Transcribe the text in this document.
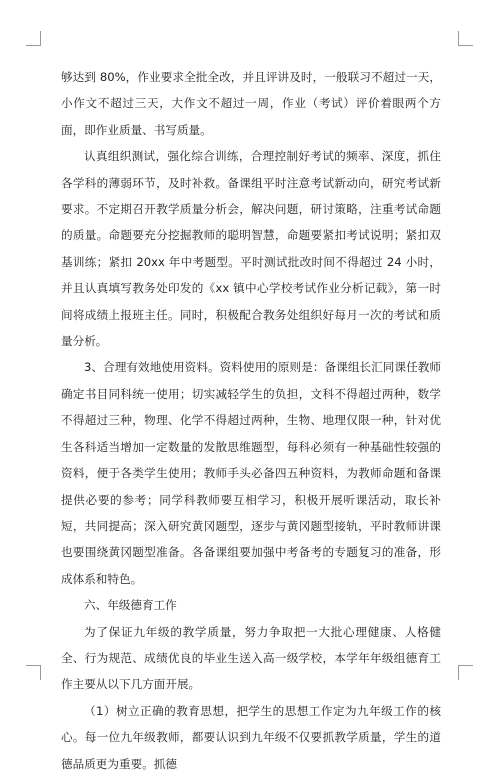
够达到 80%，作业要求全批全改，并且评讲及时，一般联习不超过一天，小作文不超过三天，大作文不超过一周，作业（考试）评价着眼两个方面，即作业质量、书写质量。

认真组织测试，强化综合训练，合理控制好考试的频率、深度，抓住各学科的薄弱环节，及时补救。备课组平时注意考试新动向，研究考试新要求。不定期召开教学质量分析会，解决问题，研讨策略，注重考试命题的质量。命题要充分挖掘教师的聪明智慧，命题要紧扣考试说明；紧扣双基训练；紧扣 20xx 年中考题型。平时测试批改时间不得超过 24 小时，并且认真填写教务处印发的《xx 镇中心学校考试作业分析记载》，第一时间将成绩上报班主任。同时，积极配合教务处组织好每月一次的考试和质量分析。

3、合理有效地使用资料。资料使用的原则是：备课组长汇同课任教师确定书目同科统一使用；切实减轻学生的负担，文科不得超过两种，数学不得超过三种，物理、化学不得超过两种，生物、地理仅限一种，针对优生各科适当增加一定数量的发散思维题型，每科必须有一种基础性较强的资料，便于各类学生使用；教师手头必备四五种资料，为教师命题和备课提供必要的参考；同学科教师要互相学习，积极开展听课活动，取长补短，共同提高；深入研究黄冈题型，逐步与黄冈题型接轨，平时教师讲课也要围绕黄冈题型准备。各备课组要加强中考备考的专题复习的准备，形成体系和特色。

六、年级德育工作

为了保证九年级的教学质量，努力争取把一大批心理健康、人格健全、行为规范、成绩优良的毕业生送入高一级学校，本学年年级组德育工作主要从以下几方面开展。

（1）树立正确的教育思想，把学生的思想工作定为九年级工作的核心。每一位九年级教师，都要认识到九年级不仅要抓教学质量，学生的道德品质更为重要。抓德
